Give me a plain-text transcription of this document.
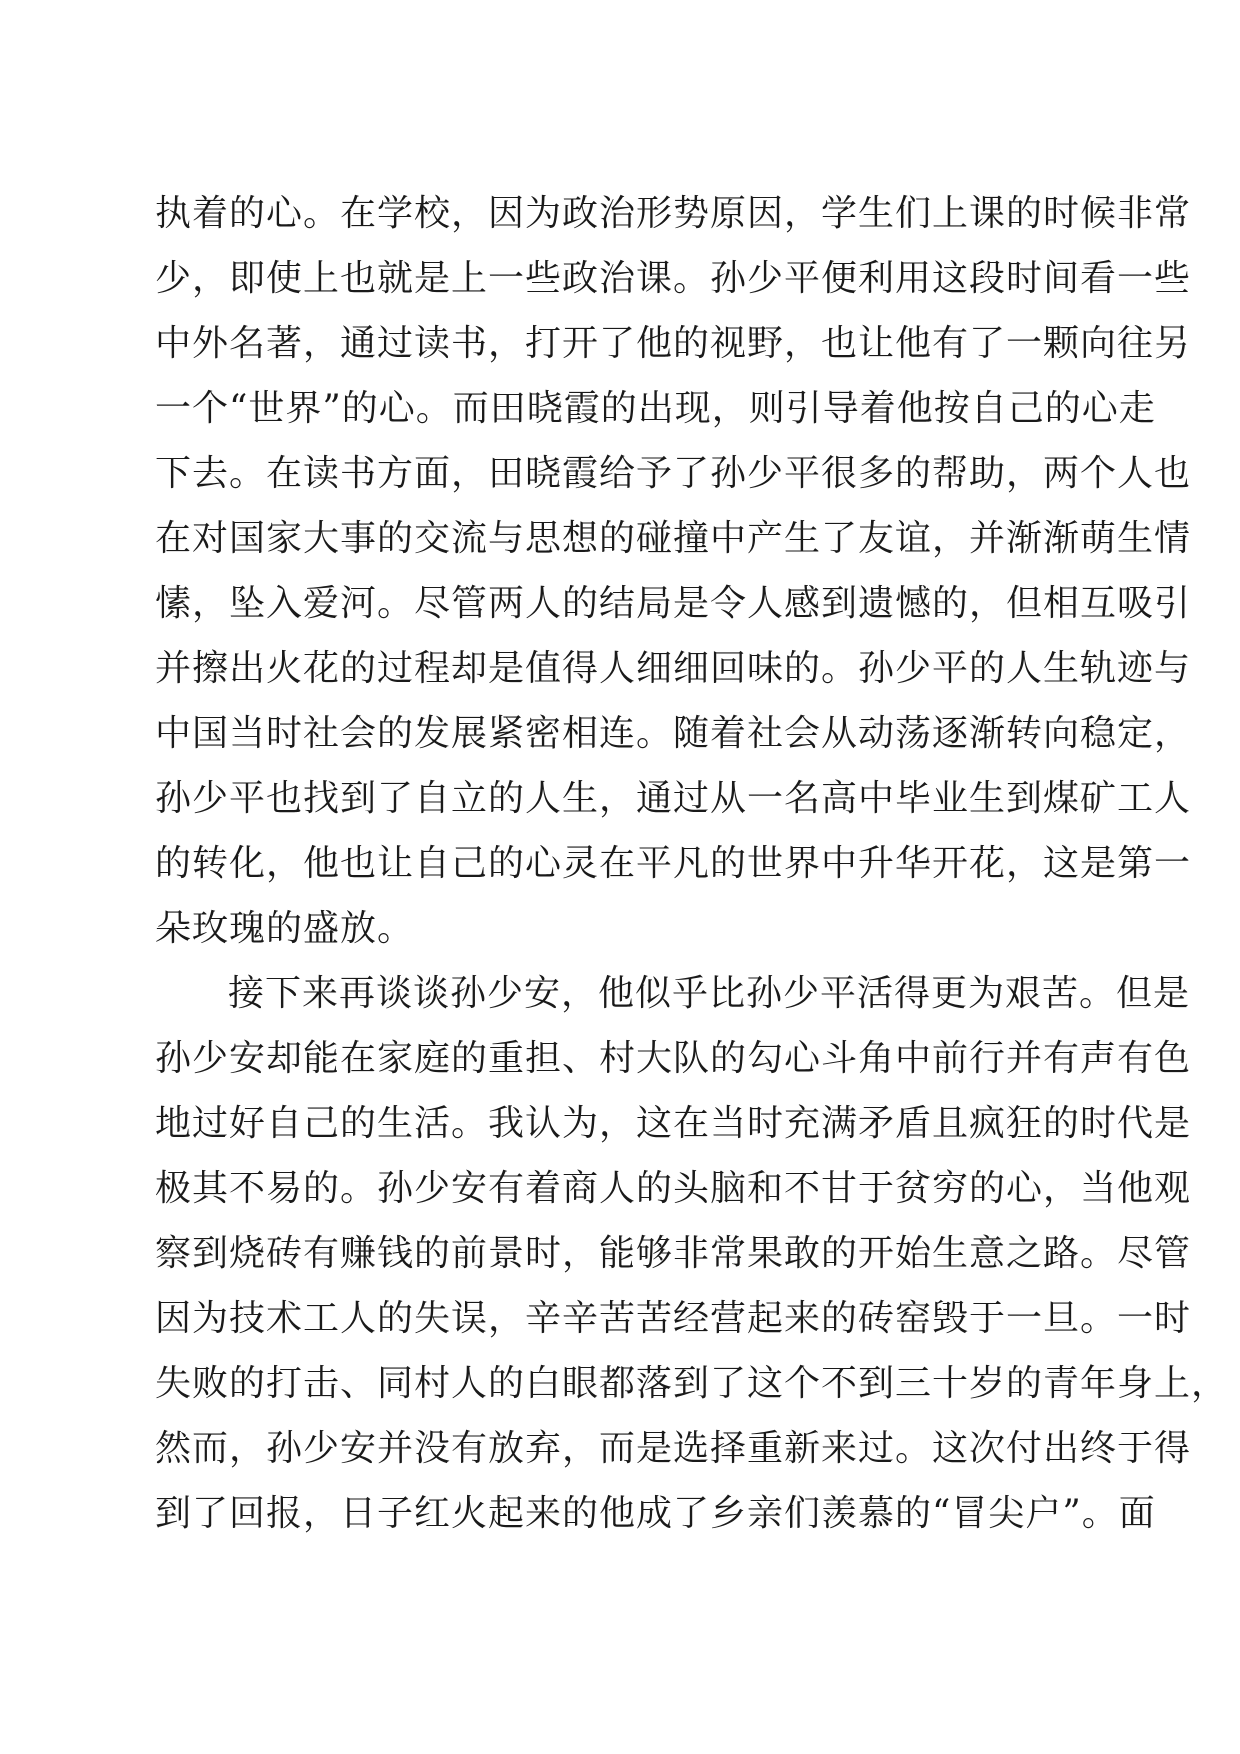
执着的心。在学校，因为政治形势原因，学生们上课的时候非常
少，即使上也就是上一些政治课。孙少平便利用这段时间看一些
中外名著，通过读书，打开了他的视野，也让他有了一颗向往另
一个“世界”的心。而田晓霞的出现，则引导着他按自己的心走
下去。在读书方面，田晓霞给予了孙少平很多的帮助，两个人也
在对国家大事的交流与思想的碰撞中产生了友谊，并渐渐萌生情
愫，坠入爱河。尽管两人的结局是令人感到遗憾的，但相互吸引
并擦出火花的过程却是值得人细细回味的。孙少平的人生轨迹与
中国当时社会的发展紧密相连。随着社会从动荡逐渐转向稳定，
孙少平也找到了自立的人生，通过从一名高中毕业生到煤矿工人
的转化，他也让自己的心灵在平凡的世界中升华开花，这是第一
朵玫瑰的盛放。
接下来再谈谈孙少安，他似乎比孙少平活得更为艰苦。但是
孙少安却能在家庭的重担、村大队的勾心斗角中前行并有声有色
地过好自己的生活。我认为，这在当时充满矛盾且疯狂的时代是
极其不易的。孙少安有着商人的头脑和不甘于贫穷的心，当他观
察到烧砖有赚钱的前景时，能够非常果敢的开始生意之路。尽管
因为技术工人的失误，辛辛苦苦经营起来的砖窑毁于一旦。一时
失败的打击、同村人的白眼都落到了这个不到三十岁的青年身上，
然而，孙少安并没有放弃，而是选择重新来过。这次付出终于得
到了回报，日子红火起来的他成了乡亲们羡慕的“冒尖户”。面
